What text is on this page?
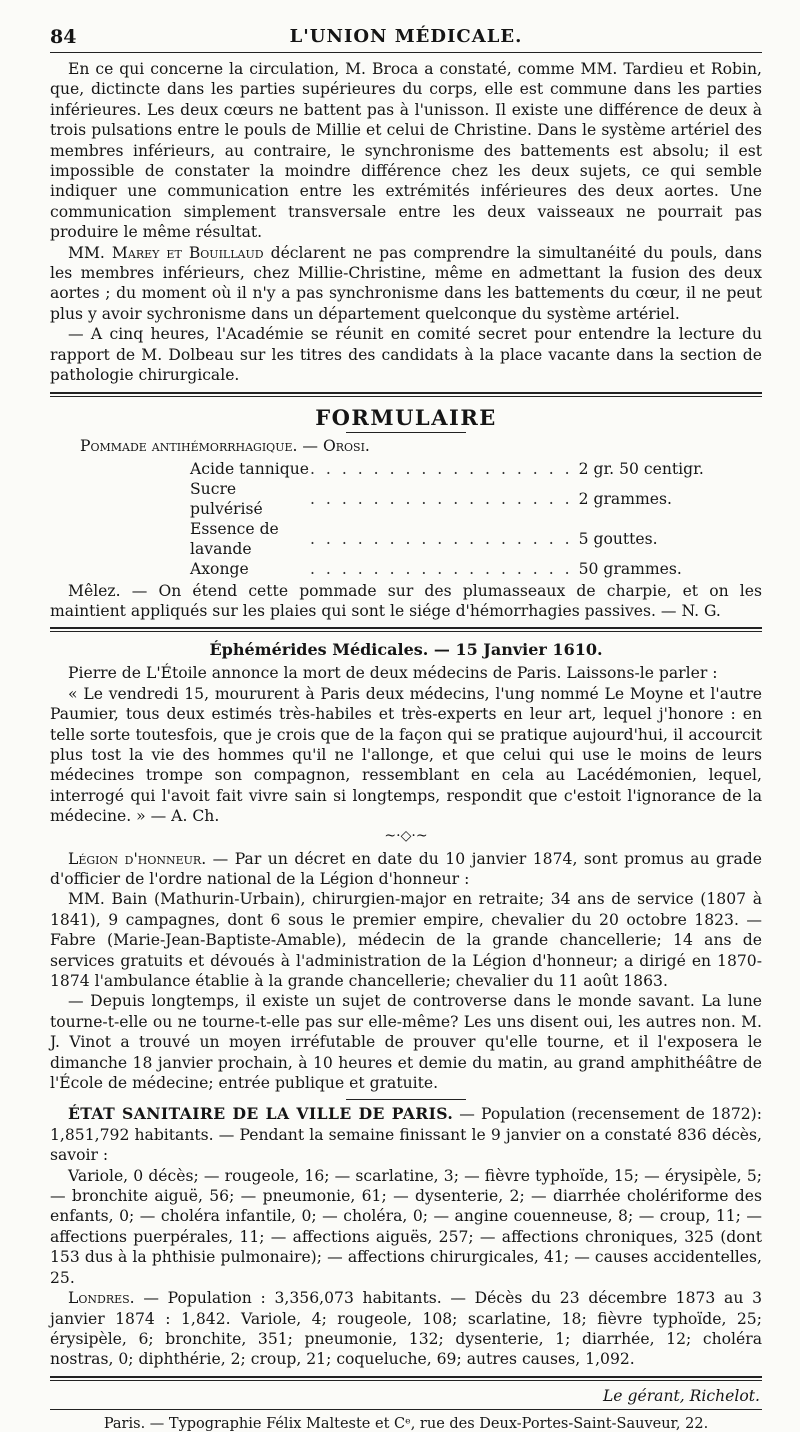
84	L'UNION MÉDICALE.

En ce qui concerne la circulation, M. Broca a constaté, comme MM. Tardieu et Robin, que, dictincte dans les parties supérieures du corps, elle est commune dans les parties inférieures. Les deux cœurs ne battent pas à l'unisson. Il existe une différence de deux à trois pulsations entre le pouls de Millie et celui de Christine. Dans le système artériel des membres inférieurs, au contraire, le synchronisme des battements est absolu; il est impossible de constater la moindre différence chez les deux sujets, ce qui semble indiquer une communication entre les extrémités inférieures des deux aortes. Une communication simplement transversale entre les deux vaisseaux ne pourrait pas produire le même résultat.

MM. Marey et Bouillaud déclarent ne pas comprendre la simultanéité du pouls, dans les membres inférieurs, chez Millie-Christine, même en admettant la fusion des deux aortes ; du moment où il n'y a pas synchronisme dans les battements du cœur, il ne peut plus y avoir sychronisme dans un département quelconque du système artériel.

— A cinq heures, l'Académie se réunit en comité secret pour entendre la lecture du rapport de M. Dolbeau sur les titres des candidats à la place vacante dans la section de pathologie chirurgicale.

FORMULAIRE
Pommade antihémorrhagique. — Orosi.
Acide tannique	. . . . . . . . . . . . . . . . .	2 gr. 50 centigr.
Sucre pulvérisé	. . . . . . . . . . . . . . . . .	2 grammes.
Essence de lavande	. . . . . . . . . . . . . . . . .	5 gouttes.
Axonge	. . . . . . . . . . . . . . . . .	50 grammes.

Mêlez. — On étend cette pommade sur des plumasseaux de charpie, et on les maintient appliqués sur les plaies qui sont le siége d'hémorrhagies passives. — N. G.

Éphémérides Médicales. — 15 Janvier 1610.

Pierre de L'Étoile annonce la mort de deux médecins de Paris. Laissons-le parler :

« Le vendredi 15, moururent à Paris deux médecins, l'ung nommé Le Moyne et l'autre Paumier, tous deux estimés très-habiles et très-experts en leur art, lequel j'honore : en telle sorte toutesfois, que je crois que de la façon qui se pratique aujourd'hui, il accourcit plus tost la vie des hommes qu'il ne l'allonge, et que celui qui use le moins de leurs médecines trompe son compagnon, ressemblant en cela au Lacédémonien, lequel, interrogé qui l'avoit fait vivre sain si longtemps, respondit que c'estoit l'ignorance de la médecine. » — A. Ch.

~·◇·~

Légion d'honneur. — Par un décret en date du 10 janvier 1874, sont promus au grade d'officier de l'ordre national de la Légion d'honneur :

MM. Bain (Mathurin-Urbain), chirurgien-major en retraite; 34 ans de service (1807 à 1841), 9 campagnes, dont 6 sous le premier empire, chevalier du 20 octobre 1823. — Fabre (Marie-Jean-Baptiste-Amable), médecin de la grande chancellerie; 14 ans de services gratuits et dévoués à l'administration de la Légion d'honneur; a dirigé en 1870-1874 l'ambulance établie à la grande chancellerie; chevalier du 11 août 1863.

— Depuis longtemps, il existe un sujet de controverse dans le monde savant. La lune tourne-t-elle ou ne tourne-t-elle pas sur elle-même? Les uns disent oui, les autres non. M. J. Vinot a trouvé un moyen irréfutable de prouver qu'elle tourne, et il l'exposera le dimanche 18 janvier prochain, à 10 heures et demie du matin, au grand amphithéâtre de l'École de médecine; entrée publique et gratuite.

ÉTAT SANITAIRE DE LA VILLE DE PARIS. — Population (recensement de 1872): 1,851,792 habitants. — Pendant la semaine finissant le 9 janvier on a constaté 836 décès, savoir :

Variole, 0 décès; — rougeole, 16; — scarlatine, 3; — fièvre typhoïde, 15; — érysipèle, 5; — bronchite aiguë, 56; — pneumonie, 61; — dysenterie, 2; — diarrhée cholériforme des enfants, 0; — choléra infantile, 0; — choléra, 0; — angine couenneuse, 8; — croup, 11; — affections puerpérales, 11; — affections aiguës, 257; — affections chroniques, 325 (dont 153 dus à la phthisie pulmonaire); — affections chirurgicales, 41; — causes accidentelles, 25.

Londres. — Population : 3,356,073 habitants. — Décès du 23 décembre 1873 au 3 janvier 1874 : 1,842. Variole, 4; rougeole, 108; scarlatine, 18; fièvre typhoïde, 25; érysipèle, 6; bronchite, 351; pneumonie, 132; dysenterie, 1; diarrhée, 12; choléra nostras, 0; diphthérie, 2; croup, 21; coqueluche, 69; autres causes, 1,092.

Le gérant, Richelot.
Paris. — Typographie Félix Malteste et Cᵉ, rue des Deux-Portes-Saint-Sauveur, 22.
